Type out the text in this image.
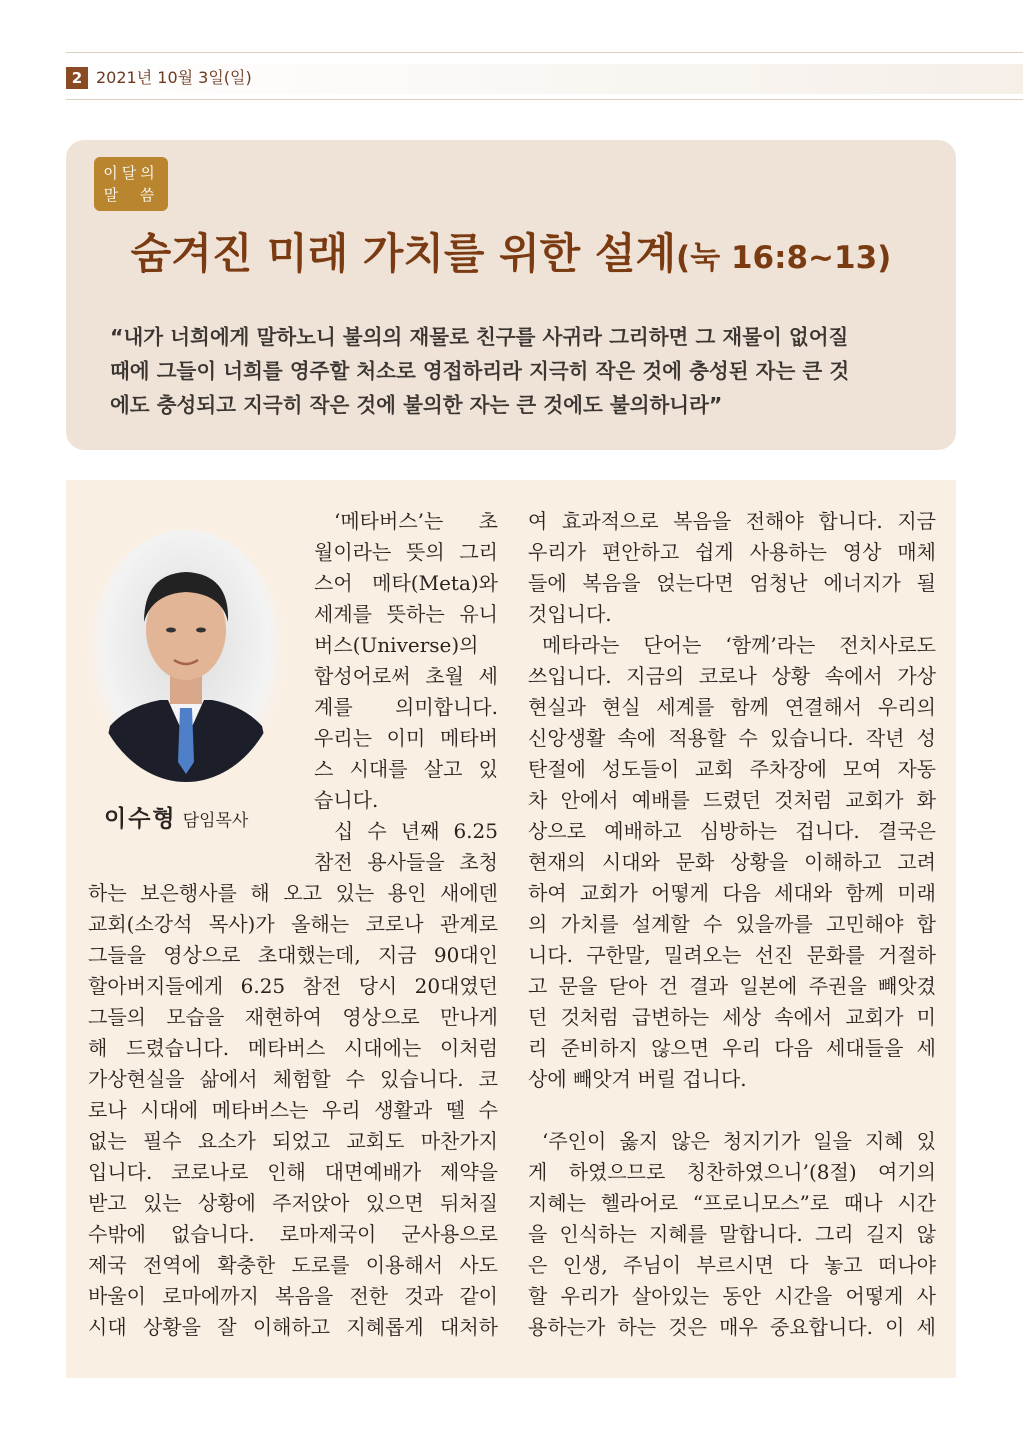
2 2021년 10월 3일(일)
이달의
말  씀
숨겨진 미래 가치를 위한 설계(눅 16:8~13)
“내가 너희에게 말하노니 불의의 재물로 친구를 사귀라 그리하면 그 재물이 없어질
때에 그들이 너희를 영주할 처소로 영접하리라 지극히 작은 것에 충성된 자는 큰 것
에도 충성되고 지극히 작은 것에 불의한 자는 큰 것에도 불의하니라”
이수형 담임목사
‘메타버스’는 초
월이라는 뜻의 그리
스어 메타(Meta)와
세계를 뜻하는 유니
버스(Universe)의
합성어로써 초월 세
계를 의미합니다.
우리는 이미 메타버
스 시대를 살고 있
습니다.
십 수 년째 6.25
참전 용사들을 초청
하는 보은행사를 해 오고 있는 용인 새에덴
교회(소강석 목사)가 올해는 코로나 관계로
그들을 영상으로 초대했는데, 지금 90대인
할아버지들에게 6.25 참전 당시 20대였던
그들의 모습을 재현하여 영상으로 만나게
해 드렸습니다. 메타버스 시대에는 이처럼
가상현실을 삶에서 체험할 수 있습니다. 코
로나 시대에 메타버스는 우리 생활과 뗄 수
없는 필수 요소가 되었고 교회도 마찬가지
입니다. 코로나로 인해 대면예배가 제약을
받고 있는 상황에 주저앉아 있으면 뒤처질
수밖에 없습니다. 로마제국이 군사용으로
제국 전역에 확충한 도로를 이용해서 사도
바울이 로마에까지 복음을 전한 것과 같이
시대 상황을 잘 이해하고 지혜롭게 대처하
여 효과적으로 복음을 전해야 합니다. 지금
우리가 편안하고 쉽게 사용하는 영상 매체
들에 복음을 얹는다면 엄청난 에너지가 될
것입니다.
메타라는 단어는 ‘함께’라는 전치사로도
쓰입니다. 지금의 코로나 상황 속에서 가상
현실과 현실 세계를 함께 연결해서 우리의
신앙생활 속에 적용할 수 있습니다. 작년 성
탄절에 성도들이 교회 주차장에 모여 자동
차 안에서 예배를 드렸던 것처럼 교회가 화
상으로 예배하고 심방하는 겁니다. 결국은
현재의 시대와 문화 상황을 이해하고 고려
하여 교회가 어떻게 다음 세대와 함께 미래
의 가치를 설계할 수 있을까를 고민해야 합
니다. 구한말, 밀려오는 선진 문화를 거절하
고 문을 닫아 건 결과 일본에 주권을 빼앗겼
던 것처럼 급변하는 세상 속에서 교회가 미
리 준비하지 않으면 우리 다음 세대들을 세
상에 빼앗겨 버릴 겁니다.
‘주인이 옳지 않은 청지기가 일을 지혜 있
게 하였으므로 칭찬하였으니’(8절) 여기의
지혜는 헬라어로 “프로니모스”로 때나 시간
을 인식하는 지혜를 말합니다. 그리 길지 않
은 인생, 주님이 부르시면 다 놓고 떠나야
할 우리가 살아있는 동안 시간을 어떻게 사
용하는가 하는 것은 매우 중요합니다. 이 세
